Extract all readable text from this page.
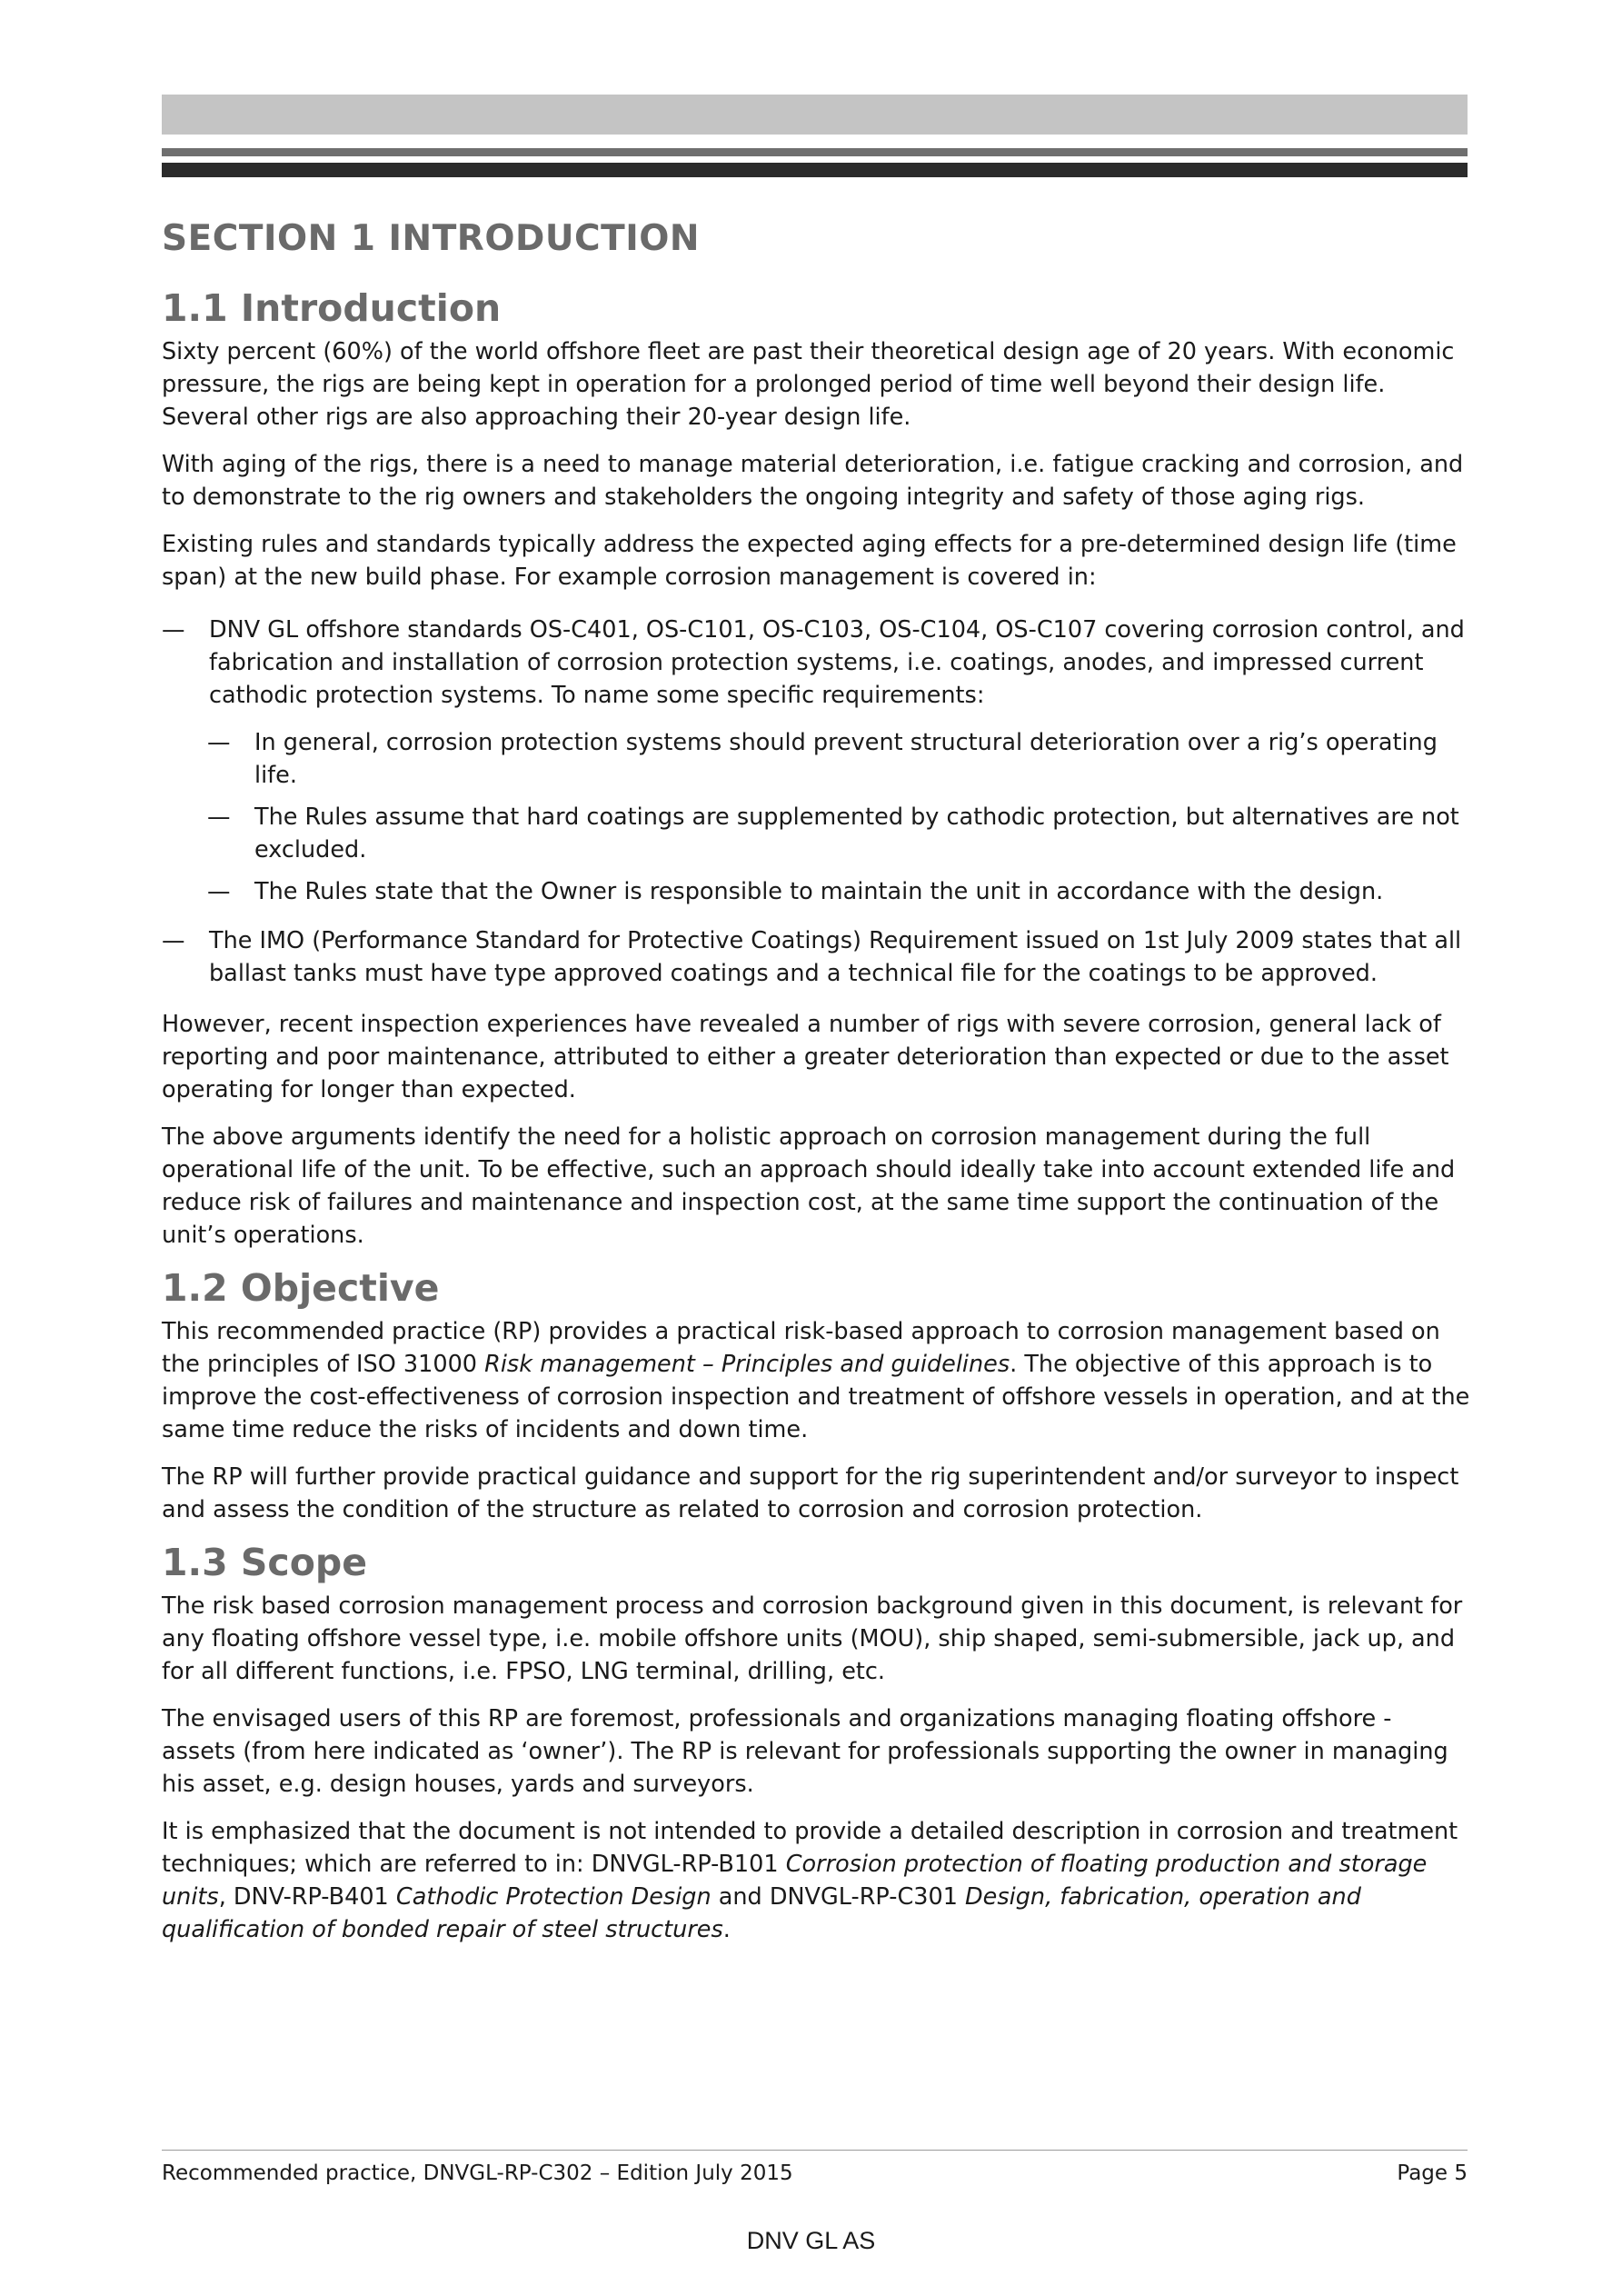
SECTION 1 INTRODUCTION
1.1 Introduction

Sixty percent (60%) of the world offshore fleet are past their theoretical design age of 20 years. With economic pressure, the rigs are being kept in operation for a prolonged period of time well beyond their design life. Several other rigs are also approaching their 20-year design life.

With aging of the rigs, there is a need to manage material deterioration, i.e. fatigue cracking and corrosion, and to demonstrate to the rig owners and stakeholders the ongoing integrity and safety of those aging rigs.

Existing rules and standards typically address the expected aging effects for a pre-determined design life (time span) at the new build phase. For example corrosion management is covered in:

— DNV GL offshore standards OS-C401, OS-C101, OS-C103, OS-C104, OS-C107 covering corrosion control, and fabrication and installation of corrosion protection systems, i.e. coatings, anodes, and impressed current cathodic protection systems. To name some specific requirements:
— In general, corrosion protection systems should prevent structural deterioration over a rig’s operating life.
— The Rules assume that hard coatings are supplemented by cathodic protection, but alternatives are not excluded.
— The Rules state that the Owner is responsible to maintain the unit in accordance with the design.
— The IMO (Performance Standard for Protective Coatings) Requirement issued on 1st July 2009 states that all ballast tanks must have type approved coatings and a technical file for the coatings to be approved.

However, recent inspection experiences have revealed a number of rigs with severe corrosion, general lack of reporting and poor maintenance, attributed to either a greater deterioration than expected or due to the asset operating for longer than expected.

The above arguments identify the need for a holistic approach on corrosion management during the full operational life of the unit. To be effective, such an approach should ideally take into account extended life and reduce risk of failures and maintenance and inspection cost, at the same time support the continuation of the unit’s operations.

1.2 Objective

This recommended practice (RP) provides a practical risk-based approach to corrosion management based on the principles of ISO 31000 Risk management – Principles and guidelines. The objective of this approach is to improve the cost-effectiveness of corrosion inspection and treatment of offshore vessels in operation, and at the same time reduce the risks of incidents and down time.

The RP will further provide practical guidance and support for the rig superintendent and/or surveyor to inspect and assess the condition of the structure as related to corrosion and corrosion protection.

1.3 Scope

The risk based corrosion management process and corrosion background given in this document, is relevant for any floating offshore vessel type, i.e. mobile offshore units (MOU), ship shaped, semi-submersible, jack up, and for all different functions, i.e. FPSO, LNG terminal, drilling, etc.

The envisaged users of this RP are foremost, professionals and organizations managing floating offshore - assets (from here indicated as ‘owner’). The RP is relevant for professionals supporting the owner in managing his asset, e.g. design houses, yards and surveyors.

It is emphasized that the document is not intended to provide a detailed description in corrosion and treatment techniques; which are referred to in: DNVGL-RP-B101 Corrosion protection of floating production and storage units, DNV-RP-B401 Cathodic Protection Design and DNVGL-RP-C301 Design, fabrication, operation and qualification of bonded repair of steel structures.

Recommended practice, DNVGL-RP-C302 – Edition July 2015	Page 5
DNV GL AS
